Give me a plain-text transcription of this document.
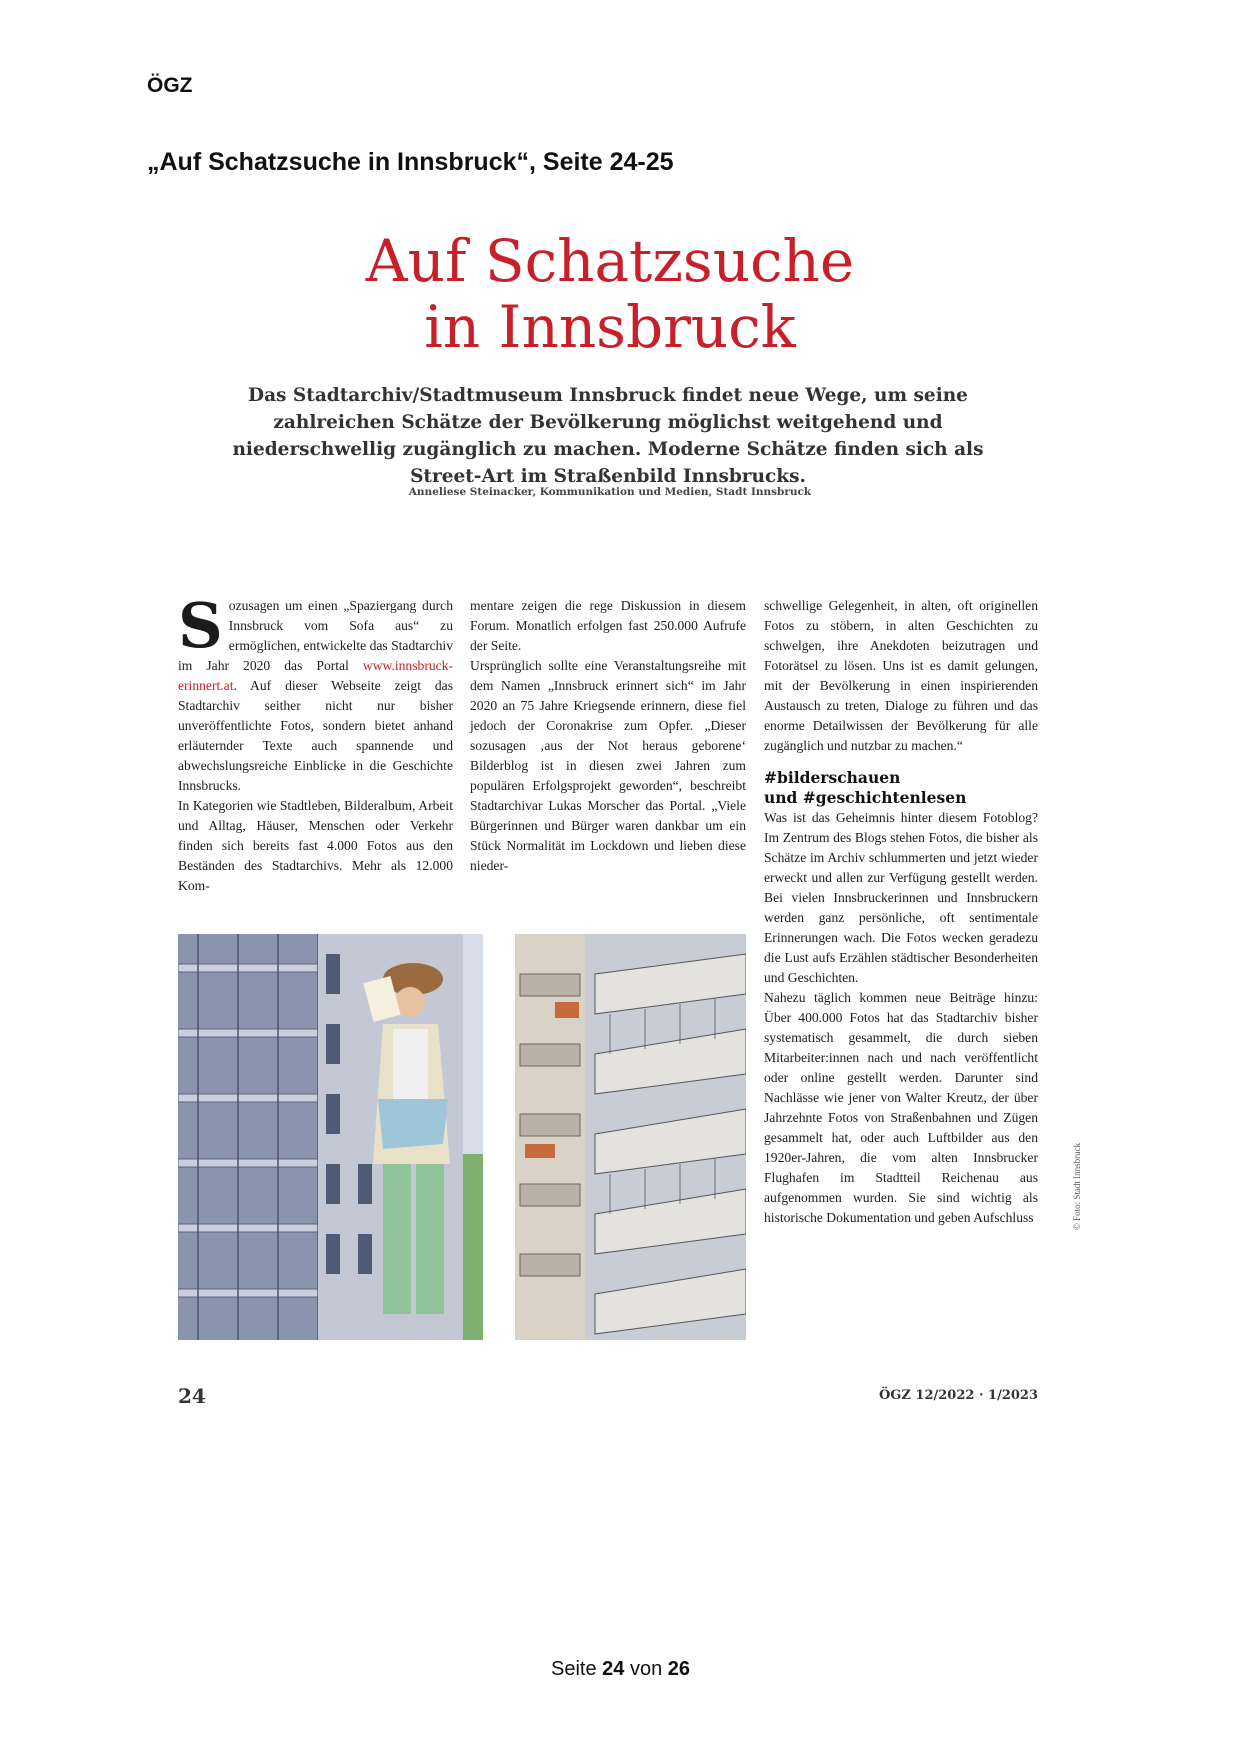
ÖGZ
„Auf Schatzsuche in Innsbruck“, Seite 24-25
Auf Schatzsuche
in Innsbruck
Das Stadtarchiv/Stadtmuseum Innsbruck findet neue Wege, um seine zahlreichen Schätze der Bevölkerung möglichst weitgehend und niederschwellig zugänglich zu machen. Moderne Schätze finden sich als Street-Art im Straßenbild Innsbrucks.
Anneliese Steinacker, Kommunikation und Medien, Stadt Innsbruck

Sozusagen um einen „Spaziergang durch Innsbruck vom Sofa aus“ zu ermöglichen, entwickelte das Stadtarchiv im Jahr 2020 das Portal www.innsbruck-erinnert.at. Auf dieser Webseite zeigt das Stadtarchiv seither nicht nur bisher unveröffentlichte Fotos, sondern bietet anhand erläuternder Texte auch spannende und abwechslungsreiche Einblicke in die Geschichte Innsbrucks.

In Kategorien wie Stadtleben, Bilderalbum, Arbeit und Alltag, Häuser, Menschen oder Verkehr finden sich bereits fast 4.000 Fotos aus den Beständen des Stadtarchivs. Mehr als 12.000 Kom-

mentare zeigen die rege Diskussion in diesem Forum. Monatlich erfolgen fast 250.000 Aufrufe der Seite.

Ursprünglich sollte eine Veranstaltungsreihe mit dem Namen „Innsbruck erinnert sich“ im Jahr 2020 an 75 Jahre Kriegsende erinnern, diese fiel jedoch der Coronakrise zum Opfer. „Dieser sozusagen ‚aus der Not heraus geborene‘ Bilderblog ist in diesen zwei Jahren zum populären Erfolgsprojekt geworden“, beschreibt Stadtarchivar Lukas Morscher das Portal. „Viele Bürgerinnen und Bürger waren dankbar um ein Stück Normalität im Lockdown und lieben diese nieder-

schwellige Gelegenheit, in alten, oft originellen Fotos zu stöbern, in alten Geschichten zu schwelgen, ihre Anekdoten beizutragen und Fotorätsel zu lösen. Uns ist es damit gelungen, mit der Bevölkerung in einen inspirierenden Austausch zu treten, Dialoge zu führen und das enorme Detailwissen der Bevölkerung für alle zugänglich und nutzbar zu machen.“

#bilderschauen
und #geschichtenlesen

Was ist das Geheimnis hinter diesem Fotoblog? Im Zentrum des Blogs stehen Fotos, die bisher als Schätze im Archiv schlummerten und jetzt wieder erweckt und allen zur Verfügung gestellt werden. Bei vielen Innsbruckerinnen und Innsbruckern werden ganz persönliche, oft sentimentale Erinnerungen wach. Die Fotos wecken geradezu die Lust aufs Erzählen städtischer Besonderheiten und Geschichten.

Nahezu täglich kommen neue Beiträge hinzu: Über 400.000 Fotos hat das Stadtarchiv bisher systematisch gesammelt, die durch sieben Mitarbeiter:innen nach und nach veröffentlicht oder online gestellt werden. Darunter sind Nachlässe wie jener von Walter Kreutz, der über Jahrzehnte Fotos von Straßenbahnen und Zügen gesammelt hat, oder auch Luftbilder aus den 1920er-Jahren, die vom alten Innsbrucker Flughafen im Stadtteil Reichenau aus aufgenommen wurden. Sie sind wichtig als historische Dokumentation und geben Aufschluss	© Foto: Stadt Innsbruck
24	ÖGZ 12/2022 · 1/2023
Seite 24 von 26
